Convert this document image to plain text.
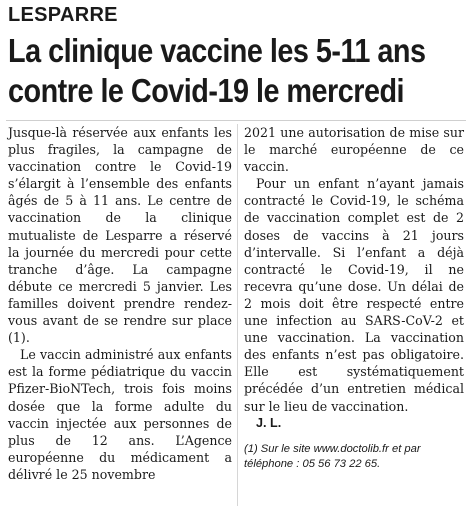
LESPARRE
La clinique vaccine les 5-11 ans
contre le Covid-19 le mercredi

Jusque-là réservée aux enfants les plus fragiles, la campagne de vaccination contre le Covid-19 s’élargit à l’ensemble des enfants âgés de 5 à 11 ans. Le centre de vaccination de la clinique mutualiste de Lesparre a réservé la journée du mercredi pour cette tranche d’âge. La campagne débute ce mercredi 5 janvier. Les familles doivent prendre rendez-vous avant de se rendre sur place (1).

Le vaccin administré aux enfants est la forme pédiatrique du vaccin Pfizer-BioNTech, trois fois moins dosée que la forme adulte du vaccin injectée aux personnes de plus de 12 ans. L’Agence européenne du médicament a délivré le 25 novembre

2021 une autorisation de mise sur le marché européenne de ce vaccin.

Pour un enfant n’ayant jamais contracté le Covid-19, le schéma de vaccination complet est de 2 doses de vaccins à 21 jours d’intervalle. Si l’enfant a déjà contracté le Covid-19, il ne recevra qu’une dose. Un délai de 2 mois doit être respecté entre une infection au SARS-CoV-2 et une vaccination. La vaccination des enfants n’est pas obligatoire. Elle est systématiquement précédée d’un entretien médical sur le lieu de vaccination.

J. L.

(1) Sur le site www.doctolib.fr et par téléphone : 05 56 73 22 65.
